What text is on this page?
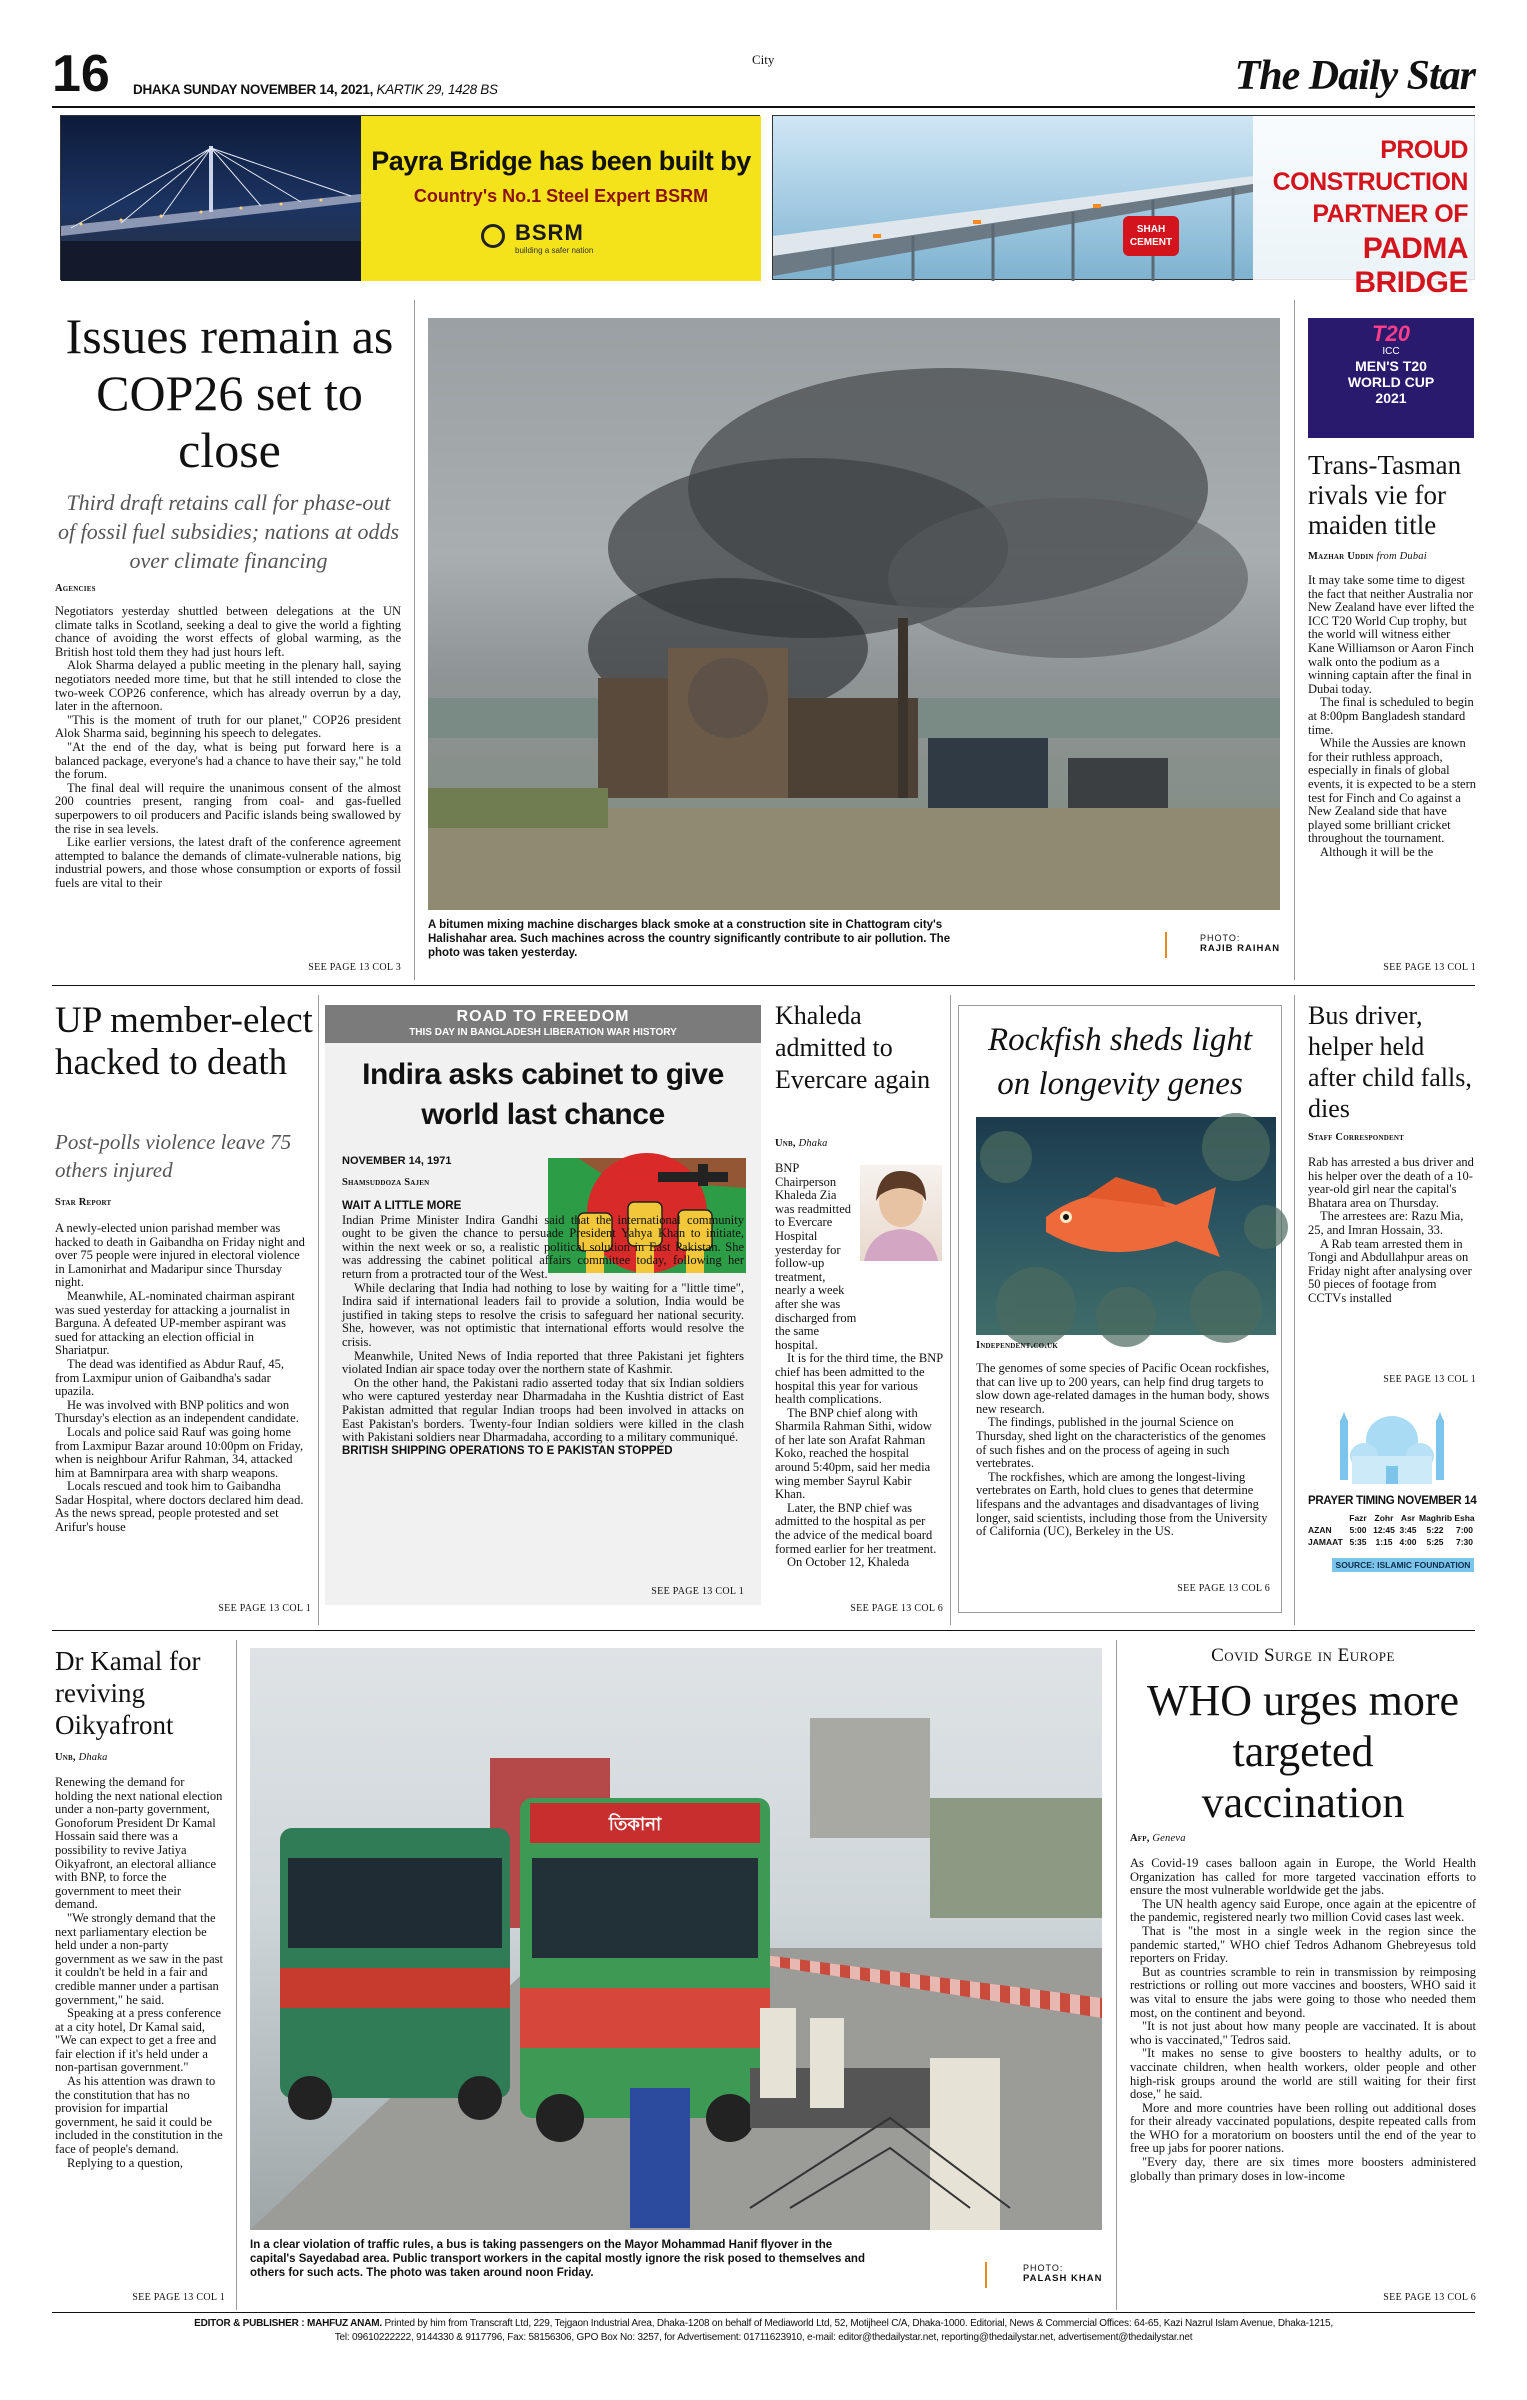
16 DHAKA SUNDAY NOVEMBER 14, 2021, KARTIK 29, 1428 BS
City	The Daily Star
Payra Bridge has been built by
Country's No.1 Steel Expert BSRM
BSRM
building a safer nation
SHAH CEMENT
PROUD
CONSTRUCTION
PARTNER OF
PADMA BRIDGE
Issues remain as COP26 set to close
Third draft retains call for phase-out of fossil fuel subsidies; nations at odds over climate financing
Agencies

Negotiators yesterday shuttled between delegations at the UN climate talks in Scotland, seeking a deal to give the world a fighting chance of avoiding the worst effects of global warming, as the British host told them they had just hours left.

Alok Sharma delayed a public meeting in the plenary hall, saying negotiators needed more time, but that he still intended to close the two-week COP26 conference, which has already overrun by a day, later in the afternoon.

"This is the moment of truth for our planet," COP26 president Alok Sharma said, beginning his speech to delegates.

"At the end of the day, what is being put forward here is a balanced package, everyone's had a chance to have their say," he told the forum.

The final deal will require the unanimous consent of the almost 200 countries present, ranging from coal- and gas-fuelled superpowers to oil producers and Pacific islands being swallowed by the rise in sea levels.

Like earlier versions, the latest draft of the conference agreement attempted to balance the demands of climate-vulnerable nations, big industrial powers, and those whose consumption or exports of fossil fuels are vital to their

SEE PAGE 13 COL 3
A bitumen mixing machine discharges black smoke at a construction site in Chattogram city's Halishahar area. Such machines across the country significantly contribute to air pollution. The photo was taken yesterday.
PHOTO:
RAJIB RAIHAN
T20
ICC
MEN'S T20
WORLD CUP
2021
Trans-Tasman rivals vie for maiden title
Mazhar Uddin from Dubai

It may take some time to digest the fact that neither Australia nor New Zealand have ever lifted the ICC T20 World Cup trophy, but the world will witness either Kane Williamson or Aaron Finch walk onto the podium as a winning captain after the final in Dubai today.

The final is scheduled to begin at 8:00pm Bangladesh standard time.

While the Aussies are known for their ruthless approach, especially in finals of global events, it is expected to be a stern test for Finch and Co against a New Zealand side that have played some brilliant cricket throughout the tournament.

Although it will be the

SEE PAGE 13 COL 1
UP member-elect hacked to death
Post-polls violence leave 75 others injured
Star Report

A newly-elected union parishad member was hacked to death in Gaibandha on Friday night and over 75 people were injured in electoral violence in Lamonirhat and Madaripur since Thursday night.

Meanwhile, AL-nominated chairman aspirant was sued yesterday for attacking a journalist in Barguna. A defeated UP-member aspirant was sued for attacking an election official in Shariatpur.

The dead was identified as Abdur Rauf, 45, from Laxmipur union of Gaibandha's sadar upazila.

He was involved with BNP politics and won Thursday's election as an independent candidate.

Locals and police said Rauf was going home from Laxmipur Bazar around 10:00pm on Friday, when is neighbour Arifur Rahman, 34, attacked him at Bamnirpara area with sharp weapons.

Locals rescued and took him to Gaibandha Sadar Hospital, where doctors declared him dead. As the news spread, people protested and set Arifur's house

SEE PAGE 13 COL 1
ROAD TO FREEDOM
THIS DAY IN BANGLADESH LIBERATION WAR HISTORY
Indira asks cabinet to give world last chance
NOVEMBER 14, 1971
Shamsuddoza Sajen
WAIT A LITTLE MORE

Indian Prime Minister Indira Gandhi said that the international community ought to be given the chance to persuade President Yahya Khan to initiate, within the next week or so, a realistic political solution in East Pakistan. She was addressing the cabinet political affairs committee today, following her return from a protracted tour of the West.

While declaring that India had nothing to lose by waiting for a "little time", Indira said if international leaders fail to provide a solution, India would be justified in taking steps to resolve the crisis to safeguard her national security. She, however, was not optimistic that international efforts would resolve the crisis.

Meanwhile, United News of India reported that three Pakistani jet fighters violated Indian air space today over the northern state of Kashmir.

On the other hand, the Pakistani radio asserted today that six Indian soldiers who were captured yesterday near Dharmadaha in the Kushtia district of East Pakistan admitted that regular Indian troops had been involved in attacks on East Pakistan's borders. Twenty-four Indian soldiers were killed in the clash with Pakistani soldiers near Dharmadaha, according to a military communiqué.

BRITISH SHIPPING OPERATIONS TO E PAKISTAN STOPPED
SEE PAGE 13 COL 1
Khaleda admitted to Evercare again
Unb, Dhaka

BNP Chairperson Khaleda Zia was readmitted to Evercare Hospital yesterday for follow-up treatment, nearly a week after she was discharged from the same hospital.

It is for the third time, the BNP chief has been admitted to the hospital this year for various health complications.

The BNP chief along with Sharmila Rahman Sithi, widow of her late son Arafat Rahman Koko, reached the hospital around 5:40pm, said her media wing member Sayrul Kabir Khan.

Later, the BNP chief was admitted to the hospital as per the advice of the medical board formed earlier for her treatment.

On October 12, Khaleda

SEE PAGE 13 COL 6
Rockfish sheds light on longevity genes
Independent.co.uk

The genomes of some species of Pacific Ocean rockfishes, that can live up to 200 years, can help find drug targets to slow down age-related damages in the human body, shows new research.

The findings, published in the journal Science on Thursday, shed light on the characteristics of the genomes of such fishes and on the process of ageing in such vertebrates.

The rockfishes, which are among the longest-living vertebrates on Earth, hold clues to genes that determine lifespans and the advantages and disadvantages of living longer, said scientists, including those from the University of California (UC), Berkeley in the US.

SEE PAGE 13 COL 6
Bus driver, helper held after child falls, dies
Staff Correspondent

Rab has arrested a bus driver and his helper over the death of a 10-year-old girl near the capital's Bhatara area on Thursday.

The arrestees are: Razu Mia, 25, and Imran Hossain, 33.

A Rab team arrested them in Tongi and Abdullahpur areas on Friday night after analysing over 50 pieces of footage from CCTVs installed

SEE PAGE 13 COL 1
PRAYER TIMING NOVEMBER 14
Fazr Zohr Asr Maghrib Esha
AZAN	5:00 12:45 3:45	5:22	7:00
JAMAAT 5:35	1:15 4:00	5:25	7:30
SOURCE: ISLAMIC FOUNDATION
Dr Kamal for reviving Oikyafront
Unb, Dhaka

Renewing the demand for holding the next national election under a non-party government, Gonoforum President Dr Kamal Hossain said there was a possibility to revive Jatiya Oikyafront, an electoral alliance with BNP, to force the government to meet their demand.

"We strongly demand that the next parliamentary election be held under a non-party government as we saw in the past it couldn't be held in a fair and credible manner under a partisan government," he said.

Speaking at a press conference at a city hotel, Dr Kamal said, "We can expect to get a free and fair election if it's held under a non-partisan government."

As his attention was drawn to the constitution that has no provision for impartial government, he said it could be included in the constitution in the face of people's demand.

Replying to a question,

SEE PAGE 13 COL 1
তিকানা
In a clear violation of traffic rules, a bus is taking passengers on the Mayor Mohammad Hanif flyover in the capital's Sayedabad area. Public transport workers in the capital mostly ignore the risk posed to themselves and others for such acts. The photo was taken around noon Friday.	PHOTO:
PALASH KHAN
Covid Surge in Europe
WHO urges more targeted vaccination
Afp, Geneva

As Covid-19 cases balloon again in Europe, the World Health Organization has called for more targeted vaccination efforts to ensure the most vulnerable worldwide get the jabs.

The UN health agency said Europe, once again at the epicentre of the pandemic, registered nearly two million Covid cases last week.

That is "the most in a single week in the region since the pandemic started," WHO chief Tedros Adhanom Ghebreyesus told reporters on Friday.

But as countries scramble to rein in transmission by reimposing restrictions or rolling out more vaccines and boosters, WHO said it was vital to ensure the jabs were going to those who needed them most, on the continent and beyond.

"It is not just about how many people are vaccinated. It is about who is vaccinated," Tedros said.

"It makes no sense to give boosters to healthy adults, or to vaccinate children, when health workers, older people and other high-risk groups around the world are still waiting for their first dose," he said.

More and more countries have been rolling out additional doses for their already vaccinated populations, despite repeated calls from the WHO for a moratorium on boosters until the end of the year to free up jabs for poorer nations.

"Every day, there are six times more boosters administered globally than primary doses in low-income

SEE PAGE 13 COL 6
EDITOR & PUBLISHER : MAHFUZ ANAM. Printed by him from Transcraft Ltd, 229, Tejgaon Industrial Area, Dhaka-1208 on behalf of Mediaworld Ltd, 52, Motijheel C/A, Dhaka-1000. Editorial, News & Commercial Offices: 64-65, Kazi Nazrul Islam Avenue, Dhaka-1215,
Tel: 09610222222, 9144330 & 9117796, Fax: 58156306, GPO Box No: 3257, for Advertisement: 01711623910, e-mail: editor@thedailystar.net, reporting@thedailystar.net, advertisement@thedailystar.net
